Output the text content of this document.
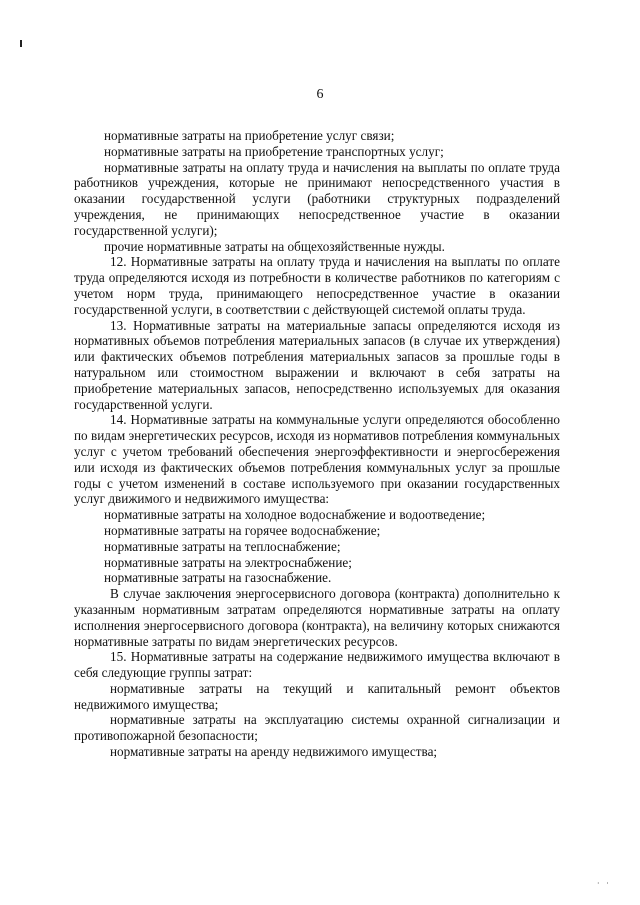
6

нормативные затраты на приобретение услуг связи;

нормативные затраты на приобретение транспортных услуг;

нормативные затраты на оплату труда и начисления на выплаты по оплате труда работников учреждения, которые не принимают непосредственного участия в оказании государственной услуги (работники структурных подразделений учреждения, не принимающих непосредственное участие в оказании государственной услуги);

прочие нормативные затраты на общехозяйственные нужды.

12. Нормативные затраты на оплату труда и начисления на выплаты по оплате труда определяются исходя из потребности в количестве работников по категориям с учетом норм труда, принимающего непосредственное участие в оказании государственной услуги, в соответствии с действующей системой оплаты труда.

13. Нормативные затраты на материальные запасы определяются исходя из нормативных объемов потребления материальных запасов (в случае их утверждения) или фактических объемов потребления материальных запасов за прошлые годы в натуральном или стоимостном выражении и включают в себя затраты на приобретение материальных запасов, непосредственно используемых для оказания государственной услуги.

14. Нормативные затраты на коммунальные услуги определяются обособленно по видам энергетических ресурсов, исходя из нормативов потребления коммунальных услуг с учетом требований обеспечения энергоэффективности и энергосбережения или исходя из фактических объемов потребления коммунальных услуг за прошлые годы с учетом изменений в составе используемого при оказании государственных услуг движимого и недвижимого имущества:

нормативные затраты на холодное водоснабжение и водоотведение;

нормативные затраты на горячее водоснабжение;

нормативные затраты на теплоснабжение;

нормативные затраты на электроснабжение;

нормативные затраты на газоснабжение.

В случае заключения энергосервисного договора (контракта) дополнительно к указанным нормативным затратам определяются нормативные затраты на оплату исполнения энергосервисного договора (контракта), на величину которых снижаются нормативные затраты по видам энергетических ресурсов.

15. Нормативные затраты на содержание недвижимого имущества включают в себя следующие группы затрат:

нормативные затраты на текущий и капитальный ремонт объектов недвижимого имущества;

нормативные затраты на эксплуатацию системы охранной сигнализации и противопожарной безопасности;

нормативные затраты на аренду недвижимого имущества;

· ·
